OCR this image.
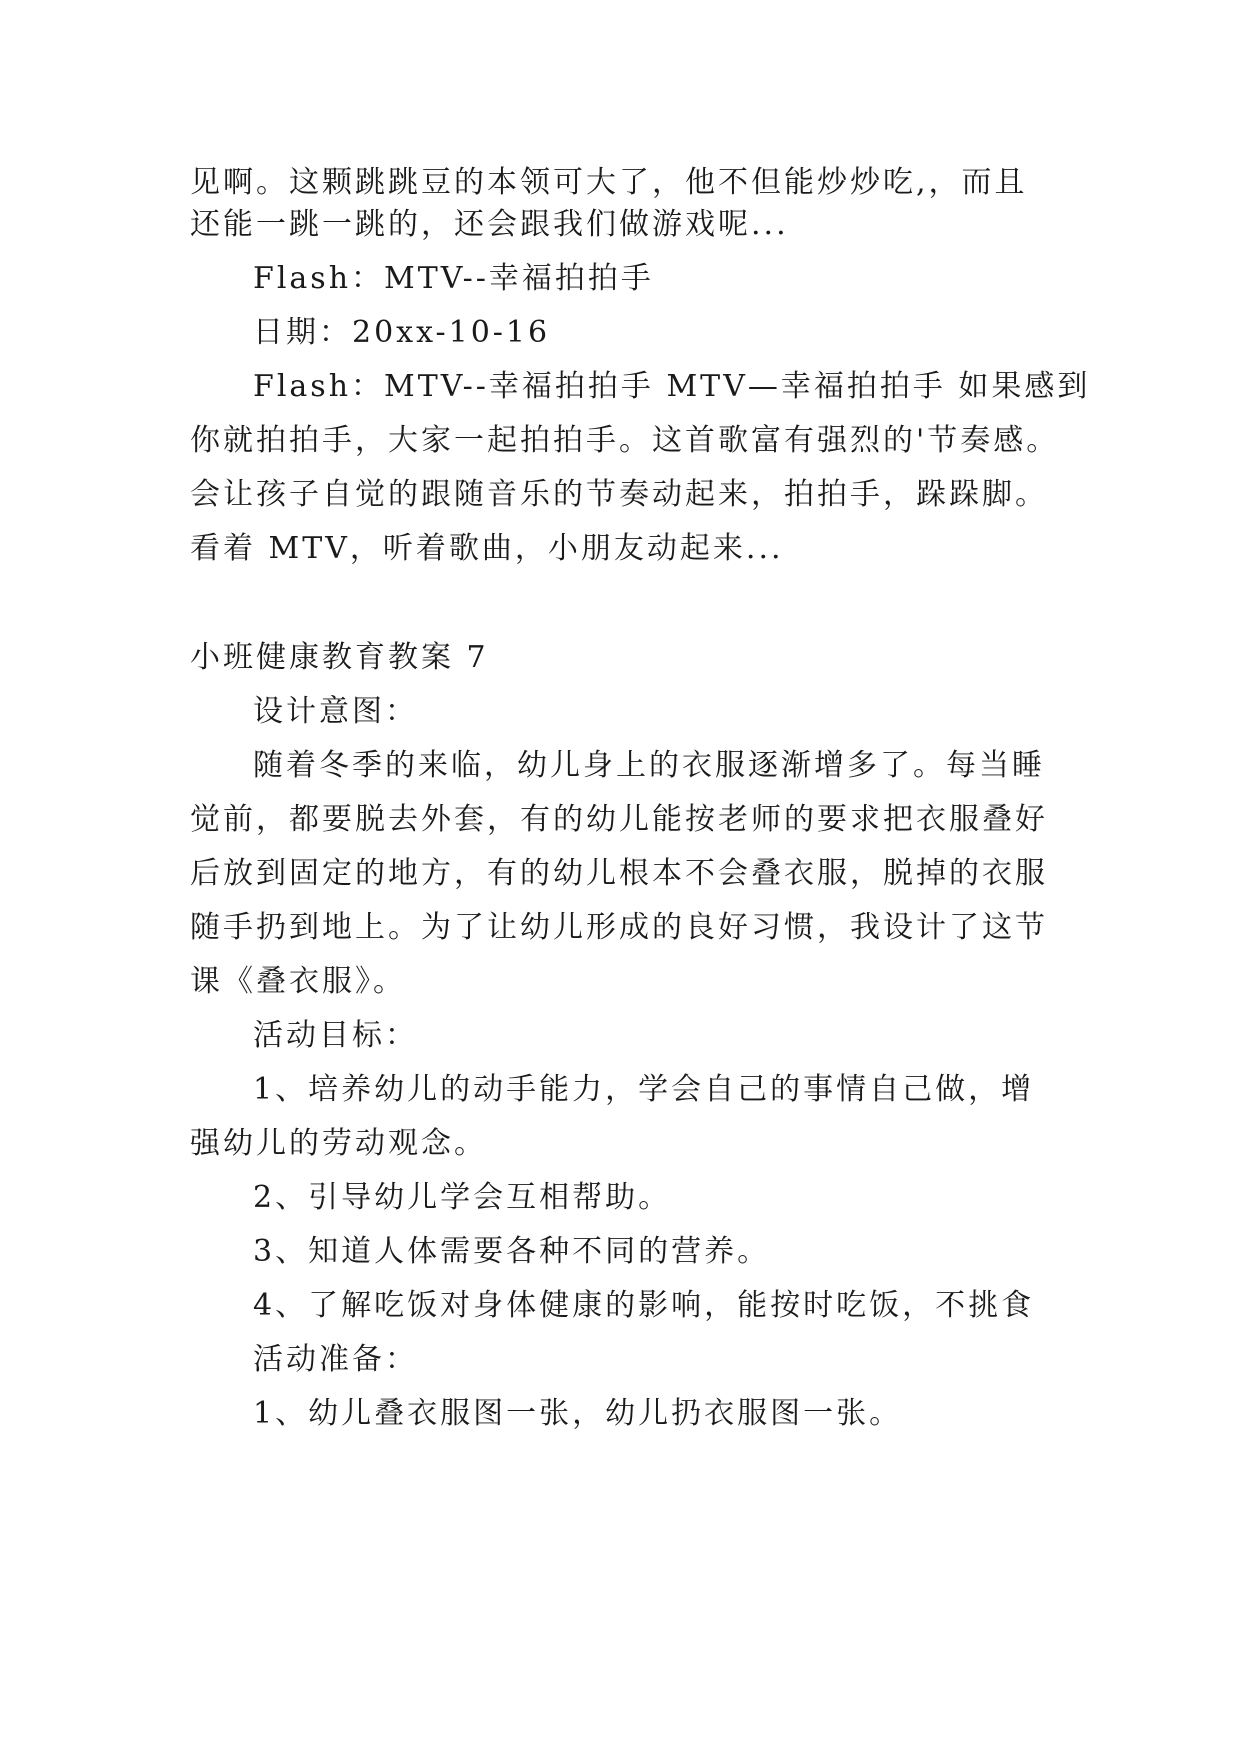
见啊。这颗跳跳豆的本领可大了，他不但能炒炒吃,，而且
还能一跳一跳的，还会跟我们做游戏呢...
Flash：MTV--幸福拍拍手
日期：20xx-10-16
Flash：MTV--幸福拍拍手 MTV—幸福拍拍手 如果感到
你就拍拍手，大家一起拍拍手。这首歌富有强烈的'节奏感。
会让孩子自觉的跟随音乐的节奏动起来，拍拍手，跺跺脚。
看着 MTV，听着歌曲，小朋友动起来...
小班健康教育教案 7
设计意图：
随着冬季的来临，幼儿身上的衣服逐渐增多了。每当睡
觉前，都要脱去外套，有的幼儿能按老师的要求把衣服叠好
后放到固定的地方，有的幼儿根本不会叠衣服，脱掉的衣服
随手扔到地上。为了让幼儿形成的良好习惯，我设计了这节
课《叠衣服》。
活动目标：
1、培养幼儿的动手能力，学会自己的事情自己做，增
强幼儿的劳动观念。
2、引导幼儿学会互相帮助。
3、知道人体需要各种不同的营养。
4、了解吃饭对身体健康的影响，能按时吃饭，不挑食
活动准备：
1、幼儿叠衣服图一张，幼儿扔衣服图一张。
